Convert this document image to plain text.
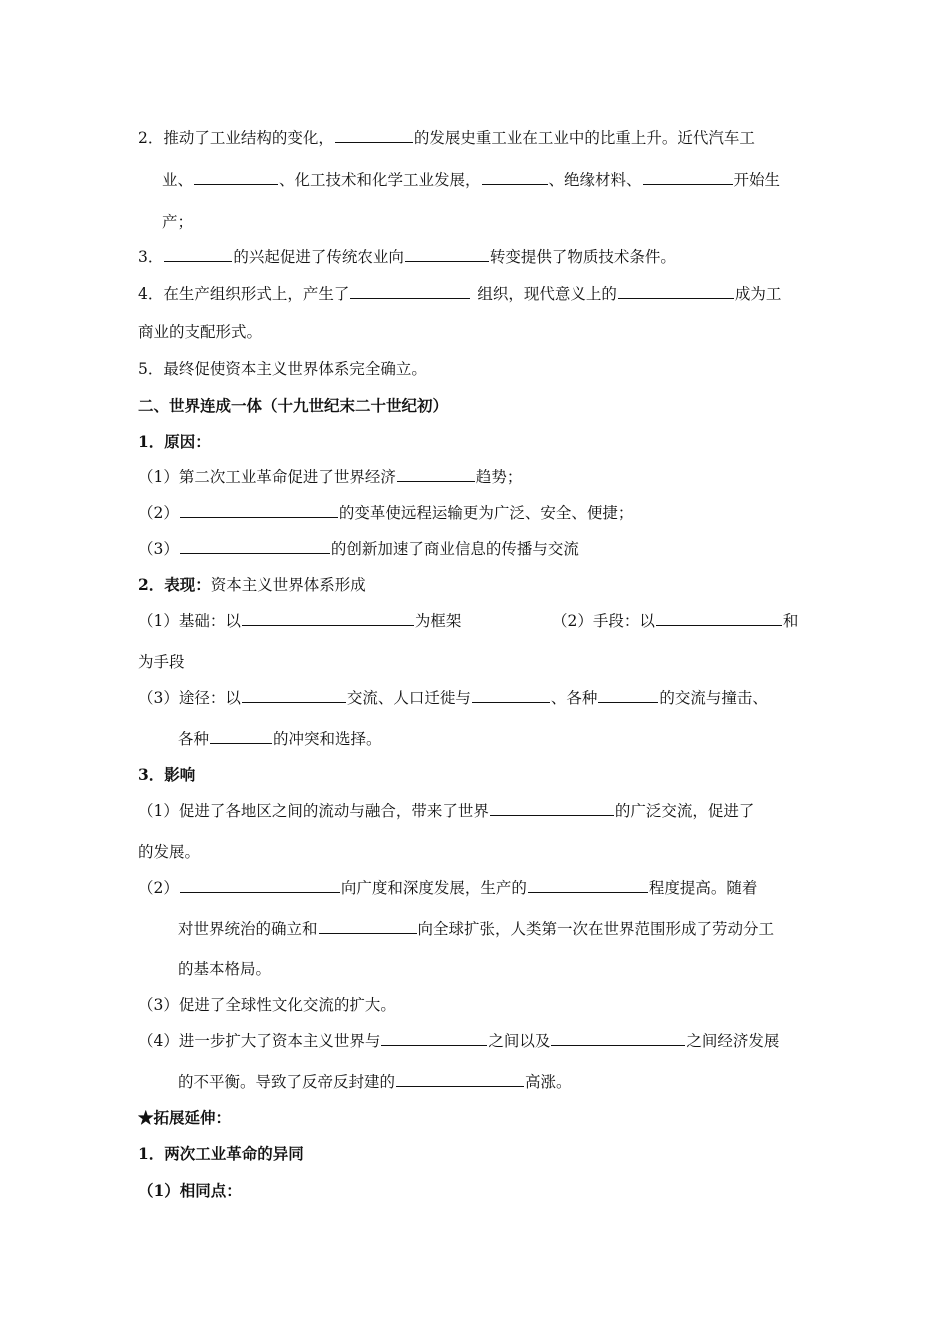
2．推动了工业结构的变化，	的发展史重工业在工业中的比重上升。近代汽车工
业、	、化工技术和化学工业发展，	、绝缘材料、	开始生
产；
3．	的兴起促进了传统农业向	转变提供了物质技术条件。
4．在生产组织形式上，产生了	组织，现代意义上的	成为工
商业的支配形式。
5．最终促使资本主义世界体系完全确立。
二、世界连成一体（十九世纪末二十世纪初）
1．原因：
（1）第二次工业革命促进了世界经济	趋势；
（2）	的变革使远程运输更为广泛、安全、便捷；
（3）	的创新加速了商业信息的传播与交流
2．表现：资本主义世界体系形成
（1）基础：以	为框架	（2）手段：以	和
为手段
（3）途径：以	交流、人口迁徙与	、各种	的交流与撞击、
各种	的冲突和选择。
3．影响
（1）促进了各地区之间的流动与融合，带来了世界	的广泛交流，促进了
的发展。
（2）	向广度和深度发展，生产的	程度提高。随着
对世界统治的确立和	向全球扩张，人类第一次在世界范围形成了劳动分工
的基本格局。
（3）促进了全球性文化交流的扩大。
（4）进一步扩大了资本主义世界与	之间以及	之间经济发展
的不平衡。导致了反帝反封建的	高涨。
★拓展延伸：
1．两次工业革命的异同
（1）相同点：
